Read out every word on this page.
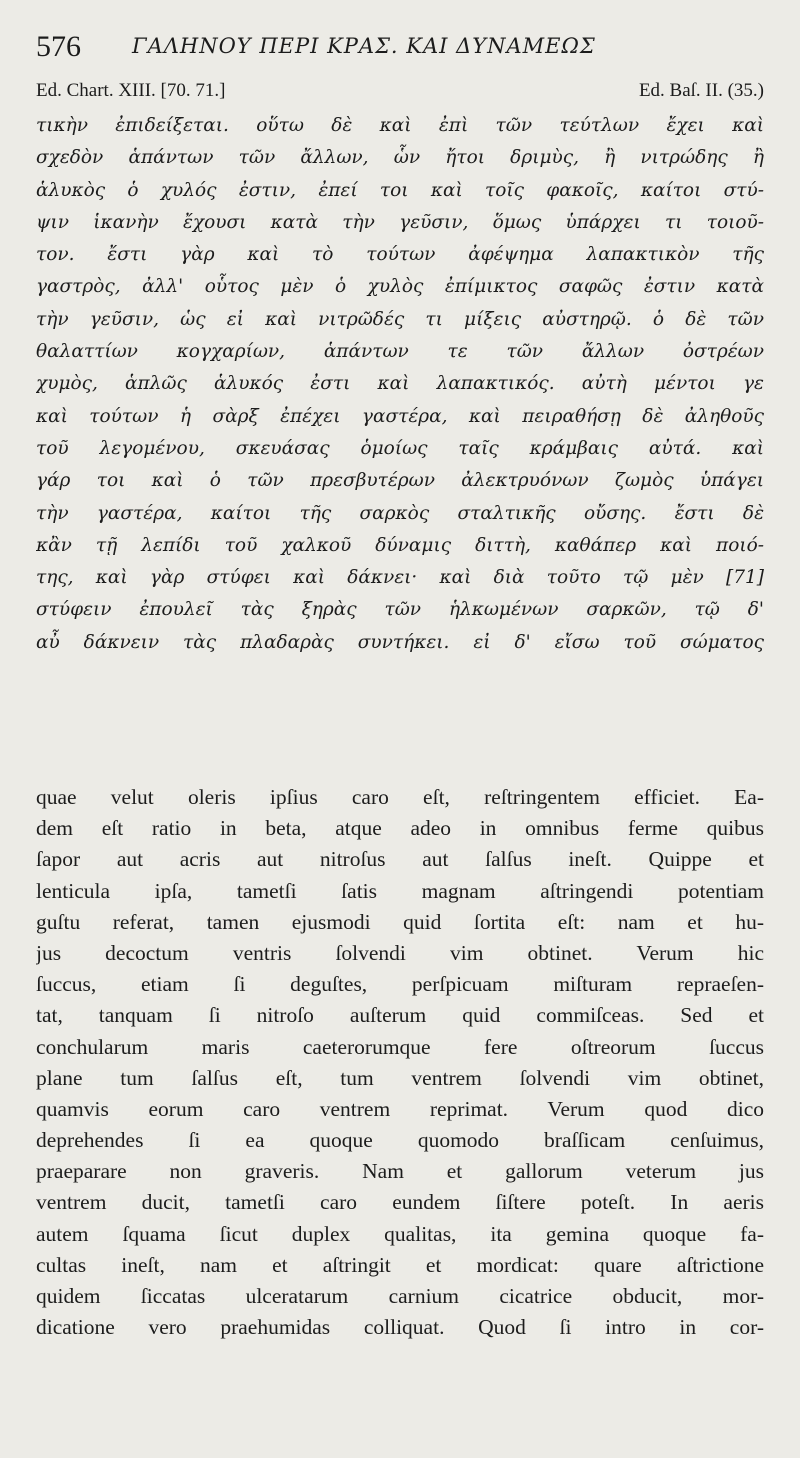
576 ΓΑΛΗΝΟΥ ΠΕΡΙ ΚΡΑΣ. ΚΑΙ ΔΥΝΑΜΕΩΣ
Ed. Chart. XIII. [70. 71.]	Ed. Baſ. II. (35.)
τικὴν ἐπιδείξεται. οὕτω δὲ καὶ ἐπὶ τῶν τεύτλων ἔχει καὶ
σχεδὸν ἁπάντων τῶν ἄλλων, ὧν ἤτοι δριμὺς, ἢ νιτρώδης ἢ
ἁλυκὸς ὁ χυλός ἐστιν, ἐπεί τοι καὶ τοῖς φακοῖς, καίτοι στύ-
ψιν ἱκανὴν ἔχουσι κατὰ τὴν γεῦσιν, ὅμως ὑπάρχει τι τοιοῦ-
τον. ἔστι γὰρ καὶ τὸ τούτων ἀφέψημα λαπακτικὸν τῆς
γαστρὸς, ἀλλ' οὗτος μὲν ὁ χυλὸς ἐπίμικτος σαφῶς ἐστιν κατὰ
τὴν γεῦσιν, ὡς εἰ καὶ νιτρῶδές τι μίξεις αὐστηρῷ. ὁ δὲ τῶν
θαλαττίων κογχαρίων, ἁπάντων τε τῶν ἄλλων ὀστρέων
χυμὸς, ἁπλῶς ἁλυκός ἐστι καὶ λαπακτικός. αὐτὴ μέντοι γε
καὶ τούτων ἡ σὰρξ ἐπέχει γαστέρα, καὶ πειραθήσῃ δὲ ἀληθοῦς
τοῦ λεγομένου, σκευάσας ὁμοίως ταῖς κράμβαις αὐτά. καὶ
γάρ τοι καὶ ὁ τῶν πρεσβυτέρων ἀλεκτρυόνων ζωμὸς ὑπάγει
τὴν γαστέρα, καίτοι τῆς σαρκὸς σταλτικῆς οὔσης. ἔστι δὲ
κἂν τῇ λεπίδι τοῦ χαλκοῦ δύναμις διττὴ, καθάπερ καὶ ποιό-
της, καὶ γὰρ στύφει καὶ δάκνει· καὶ διὰ τοῦτο τῷ μὲν [71]
στύφειν ἐπουλεῖ τὰς ξηρὰς τῶν ἡλκωμένων σαρκῶν, τῷ δ'
αὖ δάκνειν τὰς πλαδαρὰς συντήκει. εἰ δ' εἴσω τοῦ σώματος
quae velut oleris ipſius caro eſt, reſtringentem efficiet. Ea-
dem eſt ratio in beta, atque adeo in omnibus ferme quibus
ſapor aut acris aut nitroſus aut ſalſus ineſt. Quippe et
lenticula ipſa, tametſi ſatis magnam aſtringendi potentiam
guſtu referat, tamen ejusmodi quid ſortita eſt: nam et hu-
jus decoctum ventris ſolvendi vim obtinet. Verum hic
ſuccus, etiam ſi deguſtes, perſpicuam miſturam repraeſen-
tat, tanquam ſi nitroſo auſterum quid commiſceas. Sed et
conchularum maris caeterorumque fere oſtreorum ſuccus
plane tum ſalſus eſt, tum ventrem ſolvendi vim obtinet,
quamvis eorum caro ventrem reprimat. Verum quod dico
deprehendes ſi ea quoque quomodo braſſicam cenſuimus,
praeparare non graveris. Nam et gallorum veterum jus
ventrem ducit, tametſi caro eundem ſiſtere poteſt. In aeris
autem ſquama ſicut duplex qualitas, ita gemina quoque fa-
cultas ineſt, nam et aſtringit et mordicat: quare aſtrictione
quidem ſiccatas ulceratarum carnium cicatrice obducit, mor-
dicatione vero praehumidas colliquat. Quod ſi intro in cor-
